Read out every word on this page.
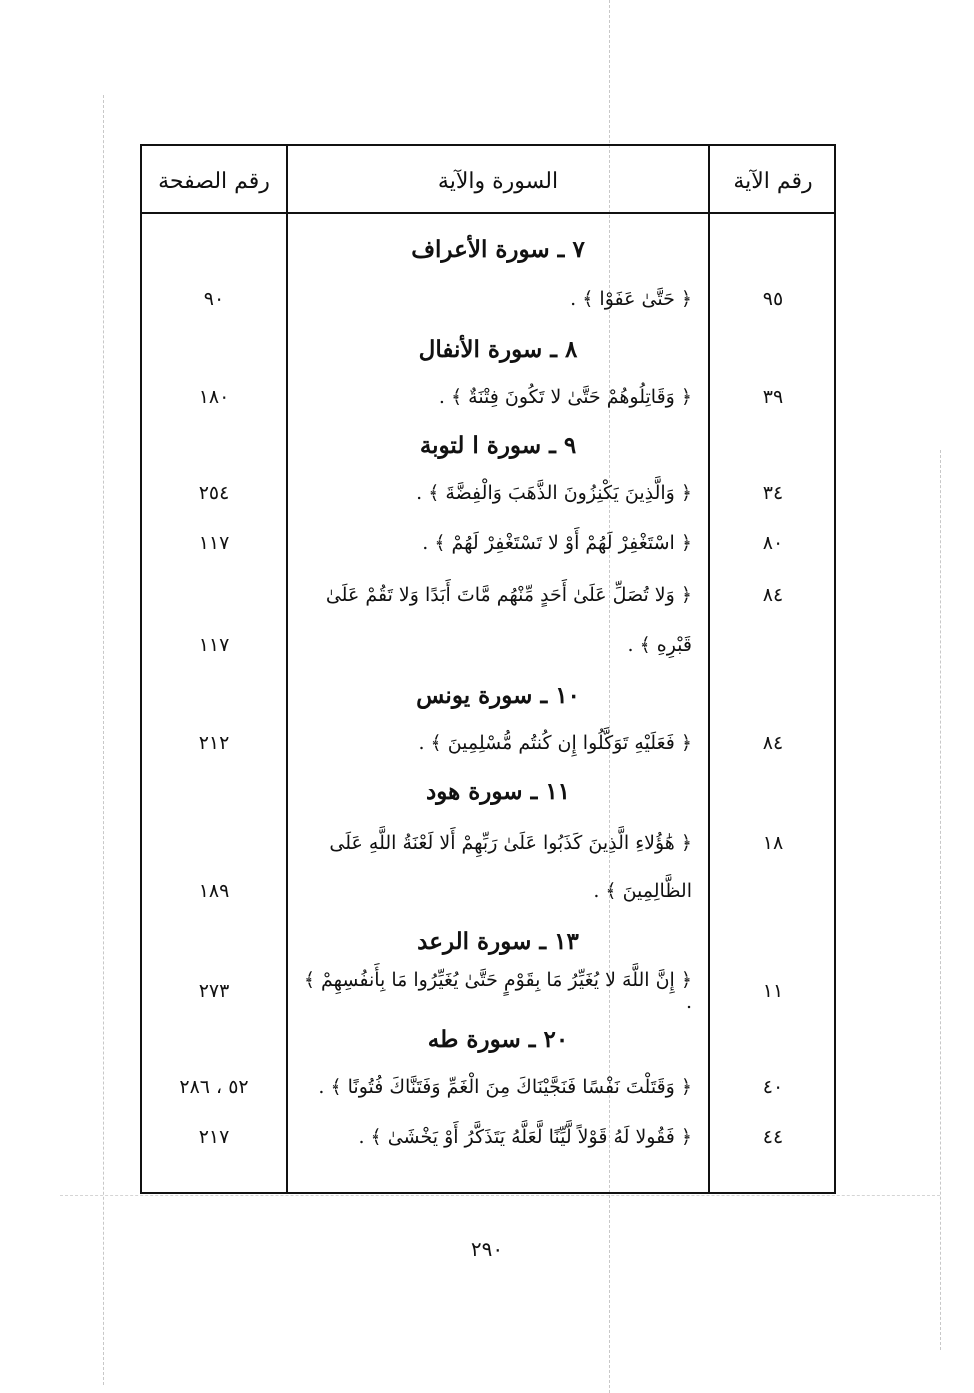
رقم الصفحة	السورة والآية	رقم الآية
٧ ـ سورة الأعراف
٩٠	﴿ حَتَّىٰ عَفَوْا ﴾ .	٩٥
٨ ـ سورة الأنفال
١٨٠	﴿ وَقَاتِلُوهُمْ حَتَّىٰ لا تَكُونَ فِتْنَةٌ ﴾ .	٣٩
٩ ـ سورة ا لتوبة
٢٥٤	﴿ وَالَّذِينَ يَكْنِزُونَ الذَّهَبَ وَالْفِضَّةَ ﴾ .	٣٤
١١٧	﴿ اسْتَغْفِرْ لَهُمْ أَوْ لا تَسْتَغْفِرْ لَهُمْ ﴾ .	٨٠
﴿ وَلا تُصَلِّ عَلَىٰ أَحَدٍ مِّنْهُم مَّاتَ أَبَدًا وَلا تَقُمْ عَلَىٰ	٨٤
١١٧	قَبْرِهِ ﴾ .
١٠ ـ سورة يونس
٢١٢	﴿ فَعَلَيْهِ تَوَكَّلُوا إِن كُنتُم مُّسْلِمِينَ ﴾ .	٨٤
١١ ـ سورة هود
﴿ هَٰؤُلاءِ الَّذِينَ كَذَبُوا عَلَىٰ رَبِّهِمْ أَلا لَعْنَةُ اللَّهِ عَلَى	١٨
١٨٩	الظَّالِمِينَ ﴾ .
١٣ ـ سورة الرعد
٢٧٣	﴿ إِنَّ اللَّهَ لا يُغَيِّرُ مَا بِقَوْمٍ حَتَّىٰ يُغَيِّرُوا مَا بِأَنفُسِهِمْ ﴾ .	١١
٢٠ ـ سورة طه
٥٢ ، ٢٨٦	﴿ وَقَتَلْتَ نَفْسًا فَنَجَّيْنَاكَ مِنَ الْغَمِّ وَفَتَنَّاكَ فُتُونًا ﴾ .	٤٠
٢١٧	﴿ فَقُولا لَهُ قَوْلاً لَّيِّنًا لَّعَلَّهُ يَتَذَكَّرُ أَوْ يَخْشَىٰ ﴾ .	٤٤
٢٩٠
